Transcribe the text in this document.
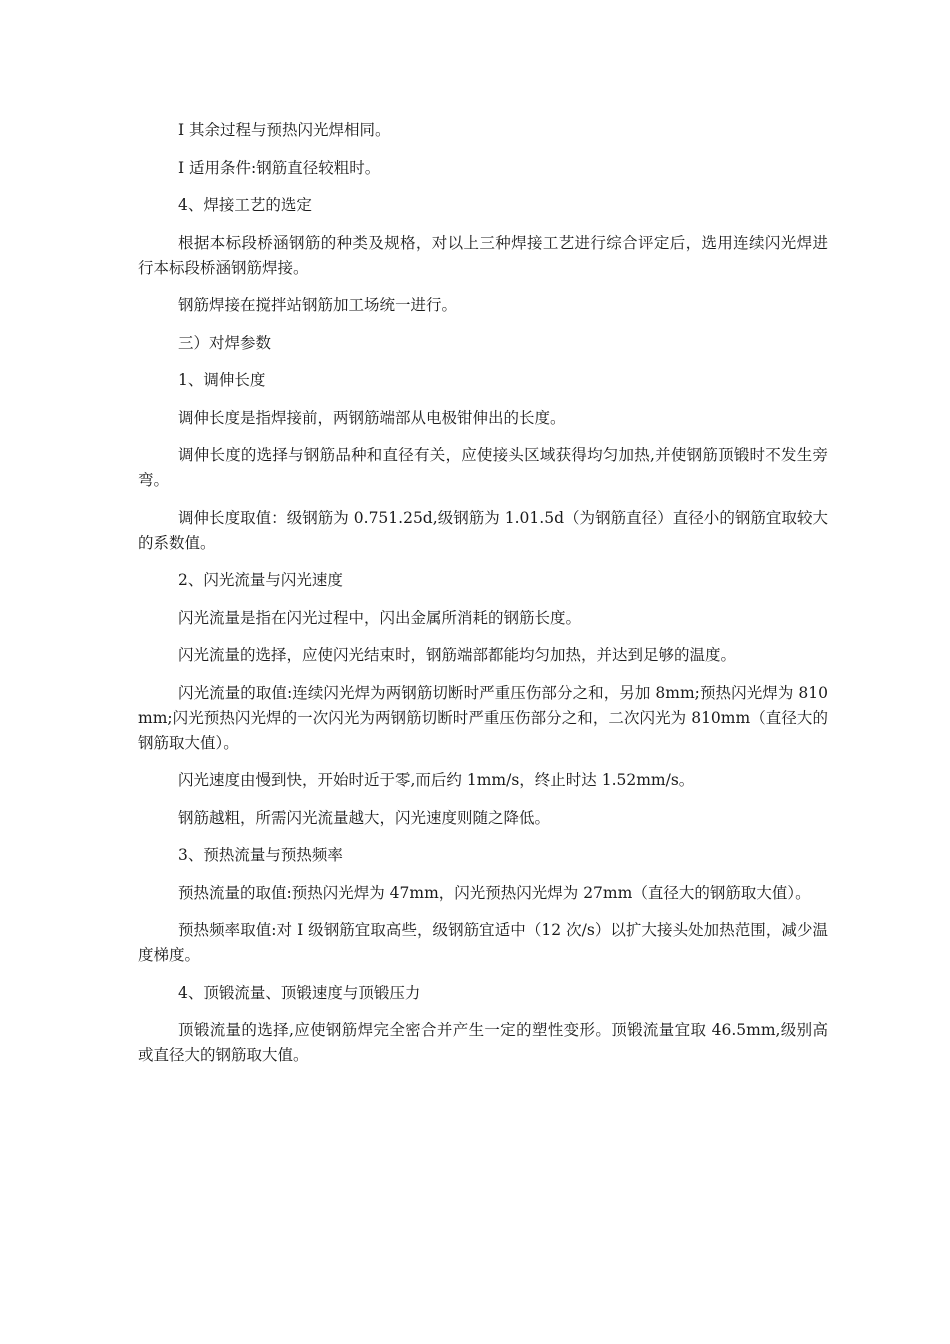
I 其余过程与预热闪光焊相同。

I 适用条件:钢筋直径较粗时。

4、焊接工艺的选定

根据本标段桥涵钢筋的种类及规格，对以上三种焊接工艺进行综合评定后，选用连续闪光焊进行本标段桥涵钢筋焊接。

钢筋焊接在搅拌站钢筋加工场统一进行。

三）对焊参数

1、调伸长度

调伸长度是指焊接前，两钢筋端部从电极钳伸出的长度。

调伸长度的选择与钢筋品种和直径有关，应使接头区域获得均匀加热,并使钢筋顶锻时不发生旁弯。

调伸长度取值：级钢筋为 0.751.25d,级钢筋为 1.01.5d（为钢筋直径）直径小的钢筋宜取较大的系数值。

2、闪光流量与闪光速度

闪光流量是指在闪光过程中，闪出金属所消耗的钢筋长度。

闪光流量的选择，应使闪光结束时，钢筋端部都能均匀加热，并达到足够的温度。

闪光流量的取值:连续闪光焊为两钢筋切断时严重压伤部分之和，另加 8mm;预热闪光焊为 810mm;闪光预热闪光焊的一次闪光为两钢筋切断时严重压伤部分之和，二次闪光为 810mm（直径大的钢筋取大值）。

闪光速度由慢到快，开始时近于零,而后约 1mm/s，终止时达 1.52mm/s。

钢筋越粗，所需闪光流量越大，闪光速度则随之降低。

3、预热流量与预热频率

预热流量的取值:预热闪光焊为 47mm，闪光预热闪光焊为 27mm（直径大的钢筋取大值）。

预热频率取值:对 I 级钢筋宜取高些，级钢筋宜适中（12 次/s）以扩大接头处加热范围，减少温度梯度。

4、顶锻流量、顶锻速度与顶锻压力

顶锻流量的选择,应使钢筋焊完全密合并产生一定的塑性变形。顶锻流量宜取 46.5mm,级别高或直径大的钢筋取大值。
